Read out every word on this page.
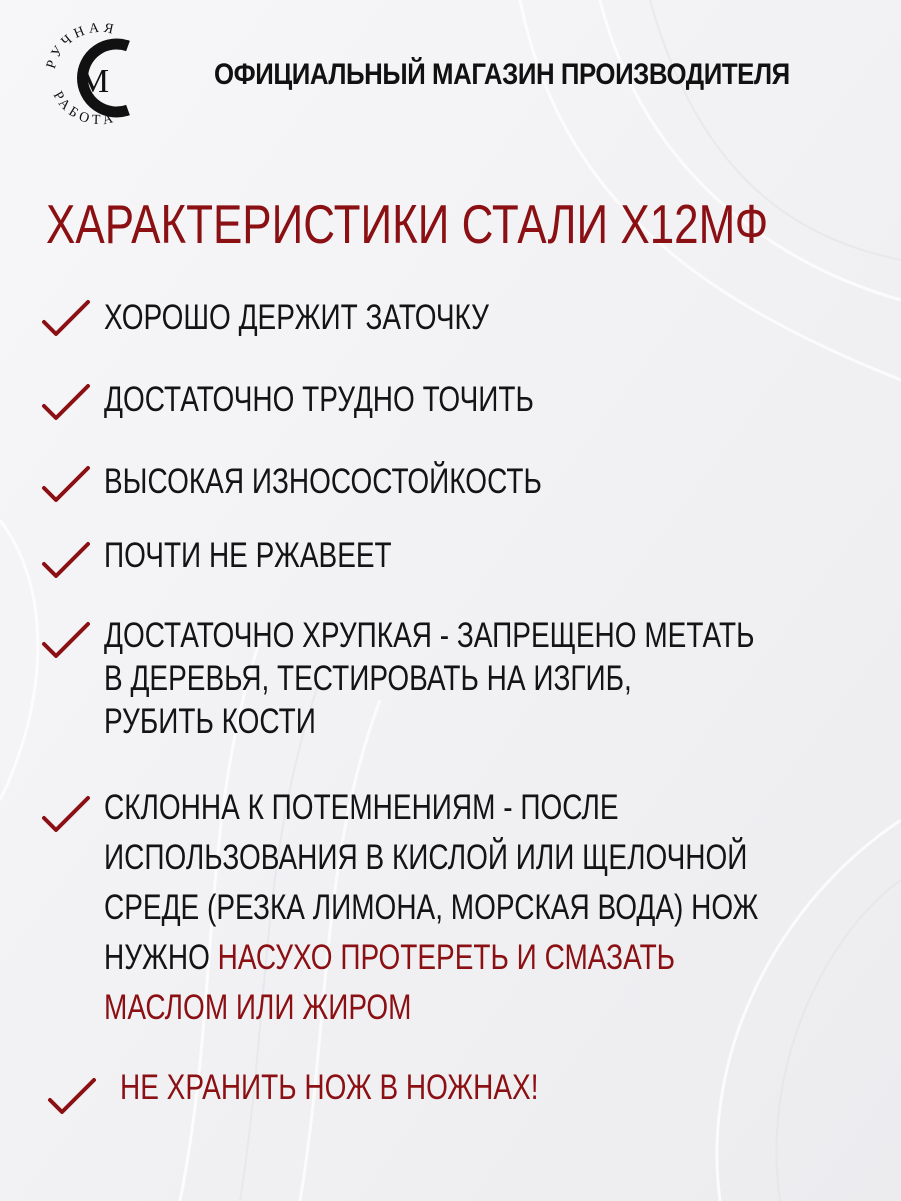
РУЧНАЯ
РАБОТА
M	ОФИЦИАЛЬНЫЙ МАГАЗИН ПРОИЗВОДИТЕЛЯ
ХАРАКТЕРИСТИКИ СТАЛИ Х12МФ
ХОРОШО ДЕРЖИТ ЗАТОЧКУ
ДОСТАТОЧНО ТРУДНО ТОЧИТЬ
ВЫСОКАЯ ИЗНОСОСТОЙКОСТЬ
ПОЧТИ НЕ РЖАВЕЕТ
ДОСТАТОЧНО ХРУПКАЯ - ЗАПРЕЩЕНО МЕТАТЬ
В ДЕРЕВЬЯ, ТЕСТИРОВАТЬ НА ИЗГИБ,
РУБИТЬ КОСТИ
СКЛОННА К ПОТЕМНЕНИЯМ - ПОСЛЕ
ИСПОЛЬЗОВАНИЯ В КИСЛОЙ ИЛИ ЩЕЛОЧНОЙ
СРЕДЕ (РЕЗКА ЛИМОНА, МОРСКАЯ ВОДА) НОЖ
НУЖНО НАСУХО ПРОТЕРЕТЬ И СМАЗАТЬ
МАСЛОМ ИЛИ ЖИРОМ
НЕ ХРАНИТЬ НОЖ В НОЖНАХ!
